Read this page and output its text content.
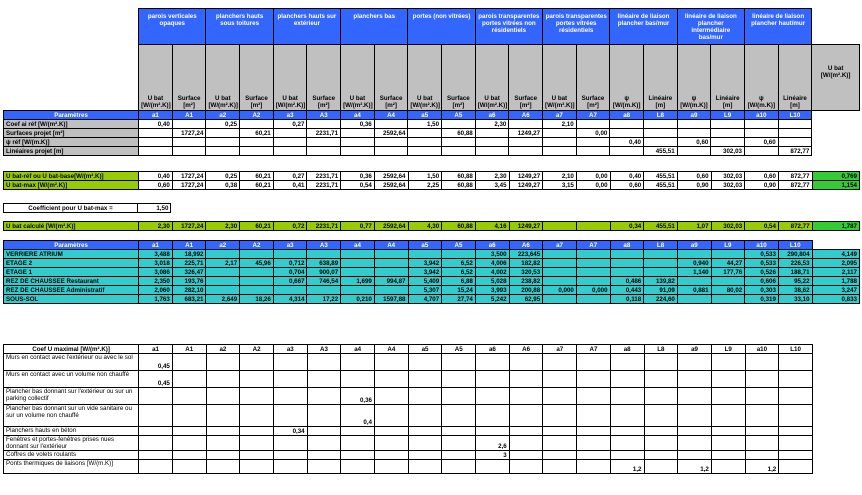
	parois verticales opaques		planchers hauts sous toitures		planchers hauts sur extérieur		planchers bas		portes (non vitrées)		parois transparentes portes vitrées non résidentiels		parois transparentes portes vitrées résidentiels		linéaire de liaison plancher bas/mur		linéaire de liaison plancher intermédiaire bas/mur		linéaire de liaison plancher haut/mur		
	U bat [W/(m².K)]	Surface [m²]	U bat [W/(m².K)]	Surface [m²]	U bat [W/(m².K)]	Surface [m²]	U bat [W/(m².K)]	Surface [m²]	U bat [W/(m².K)]	Surface [m²]	U bat [W/(m².K)]	Surface [m²]	U bat [W/(m².K)]	Surface [m²]	ψ [W/(m.K)]	Linéaire [m]	ψ [W/(m.K)]	Linéaire [m]	ψ [W/(m.K)]	Linéaire [m]	U bat [W/(m².K)]
Paramètres	a1	A1	a2	A2	a3	A3	a4	A4	a5	A5	a6	A6	a7	A7	a8	L8	a9	L9	a10	L10	
Coef ai réf [W/(m².K)]	0,40		0,25		0,27		0,36		1,50		2,30		2,10								
Surfaces projet [m²]		1727,24		60,21		2231,71		2592,64		60,88		1249,27		0,00							
ψ réf [W/(m.K)]															0,40		0,60		0,60		
Linéaires projet [m]																455,51		302,03		872,77	
U bat-réf ou U bat-base[W/(m².K)]	0,40	1727,24	0,25	60,21	0,27	2231,71	0,36	2592,64	1,50	60,88	2,30	1249,27	2,10	0,00	0,40	455,51	0,60	302,03	0,60	872,77	0,769
U bat-max [W/(m².K)]	0,60	1727,24	0,38	60,21	0,41	2231,71	0,54	2592,64	2,25	60,88	3,45	1249,27	3,15	0,00	0,60	455,51	0,90	302,03	0,90	872,77	1,154
Coefficient pour U bat-max =	1,50
U bat calculé [W/(m².K)]	2,30	1727,24	2,30	60,21	0,72	2231,71	0,77	2592,64	4,30	60,88	4,16	1249,27			0,34	455,51	1,07	302,03	0,54	872,77	1,787
Paramètres	a1	A1	a2	A2	a3	A3	a4	A4	a5	A5	a6	A6	a7	A7	a8	L8	a9	L9	a10	L10	
VERRIERE ATRIUM	3,488	18,992									3,500	223,645							0,533	290,804	4,149
ETAGE 2	3,018	225,71	2,17	45,96	0,712	638,89			3,942	6,52	4,006	182,82					0,940	44,27	0,533	226,53	2,095
ETAGE 1	3,086	326,47			0,704	900,07			3,942	6,52	4,002	320,53					1,140	177,76	0,526	188,71	2,117
REZ DE CHAUSSEE Restaurant	2,350	193,76			0,667	746,54	1,699	994,87	5,409	6,88	5,028	238,82			0,486	139,82			0,606	95,22	1,788
REZ DE CHAUSSEE Administratif	2,060	282,10							5,307	15,24	3,993	200,88	0,000	0,000	0,443	91,09	0,881	80,02	0,303	38,62	3,247
SOUS-SOL	1,763	683,21	2,649	18,26	4,314	17,22	0,210	1597,88	4,707	27,74	5,242	62,95			0,118	224,60			0,319	33,10	0,833
Coef U maximal [W/(m².K)]	a1	A1	a2	A2	a3	A3	a4	A4	a5	A5	a6	A6	a7	A7	a8	L8	a9	L9	a10	L10
Murs en contact avec l'extérieur ou avec le sol	0,45																			
Murs en contact avec un volume non chauffé	0,45																			
Plancher bas donnant sur l'extérieur ou sur un parking collectif							0,36													
Plancher bas donnant sur un vide sanitaire ou sur un volume non chauffé							0,4													
Planchers hauts en béton					0,34															
Fenêtres et portes-fenêtres prises nues donnant sur l'extérieur											2,6									
Coffres de volets roulants											3									
Ponts thermiques de liaisons [W/(m.K)]															1,2		1,2		1,2	
